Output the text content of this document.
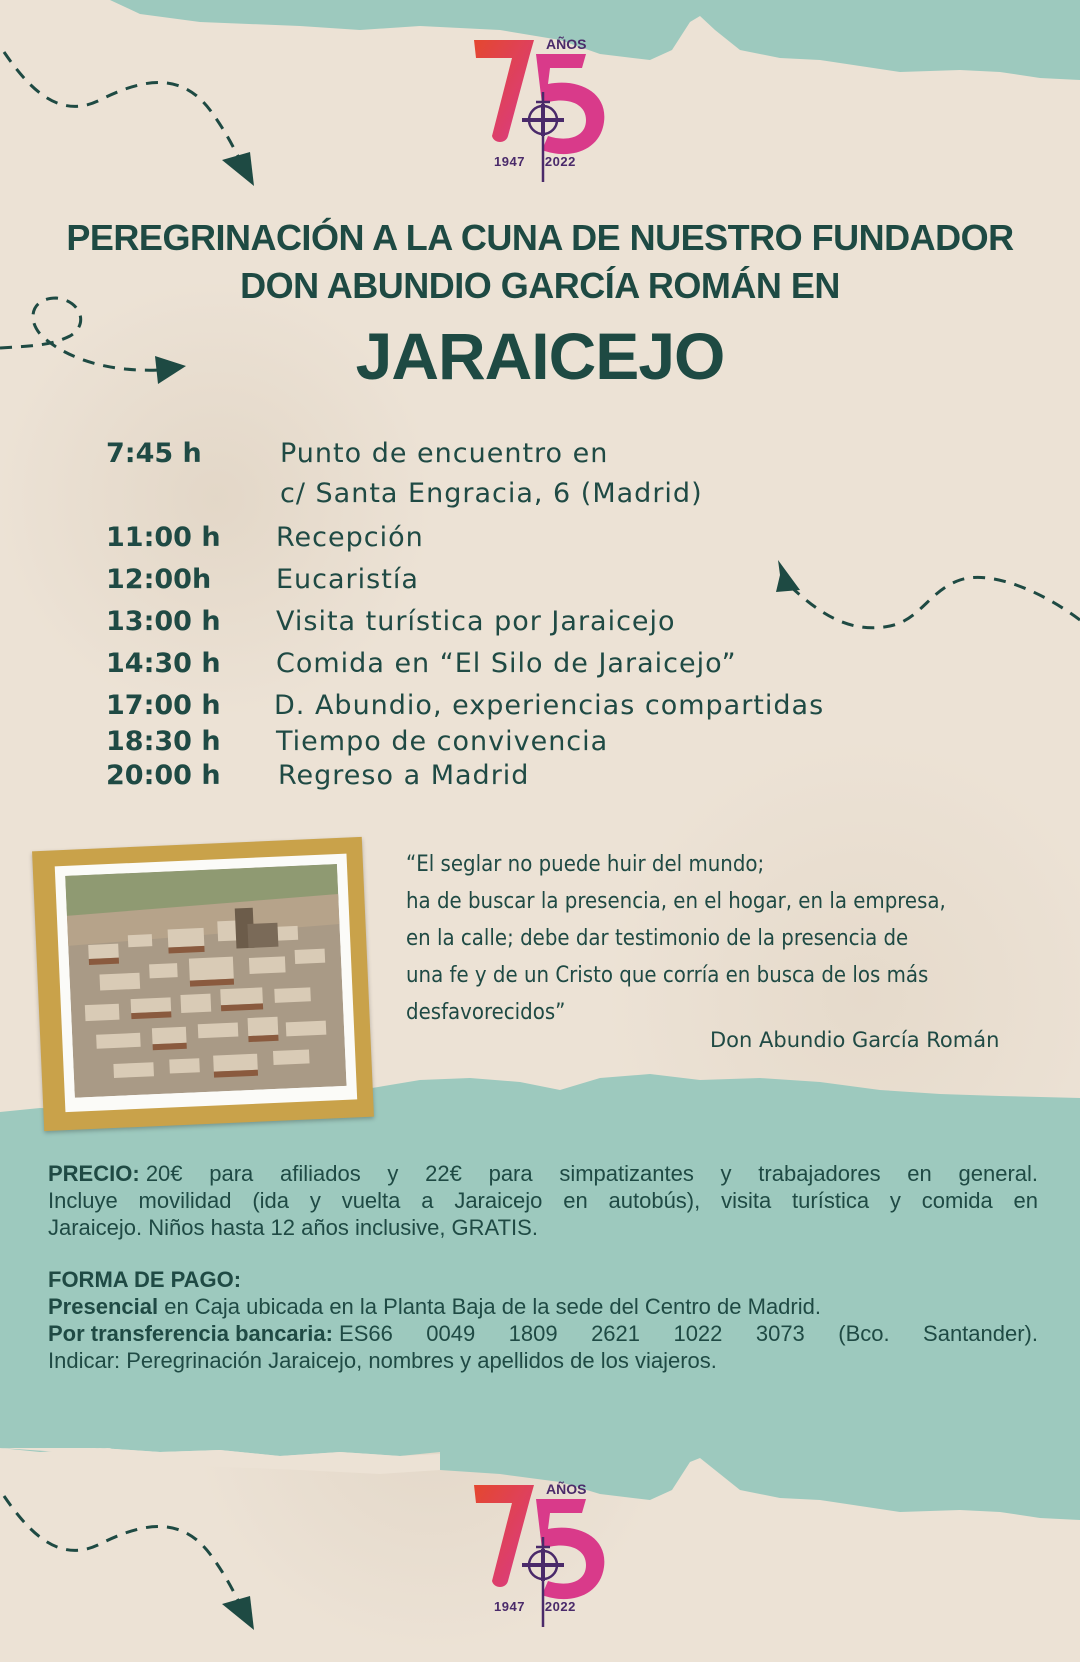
AÑOS
1947 2022
PEREGRINACIÓN A LA CUNA DE NUESTRO FUNDADOR
DON ABUNDIO GARCÍA ROMÁN EN
JARAICEJO
7:45 h	Punto de encuentro en
c/ Santa Engracia, 6 (Madrid)
11:00 h Recepción
12:00h Eucaristía
13:00 h Visita turística por Jaraicejo
14:30 h Comida en “El Silo de Jaraicejo”
17:00 h D. Abundio, experiencias compartidas
18:30 h Tiempo de convivencia
20:00 h Regreso a Madrid

“El seglar no puede huir del mundo;

ha de buscar la presencia, en el hogar, en la empresa,

en la calle; debe dar testimonio de la presencia de

una fe y de un Cristo que corría en busca de los más

desfavorecidos”

Don Abundio García Román
PRECIO:
20€ para afiliados y 22€ para simpatizantes y trabajadores en general.
Incluye movilidad (ida y vuelta a Jaraicejo en autobús), visita turística y comida en
Jaraicejo. Niños hasta 12 años inclusive, GRATIS.
FORMA DE PAGO:
Presencial
en Caja ubicada en la Planta Baja de la sede del Centro de Madrid.
Por transferencia bancaria:
ES66 0049 1809 2621 1022 3073 (Bco. Santander).
Indicar: Peregrinación Jaraicejo, nombres y apellidos de los viajeros.
AÑOS
1947 2022
